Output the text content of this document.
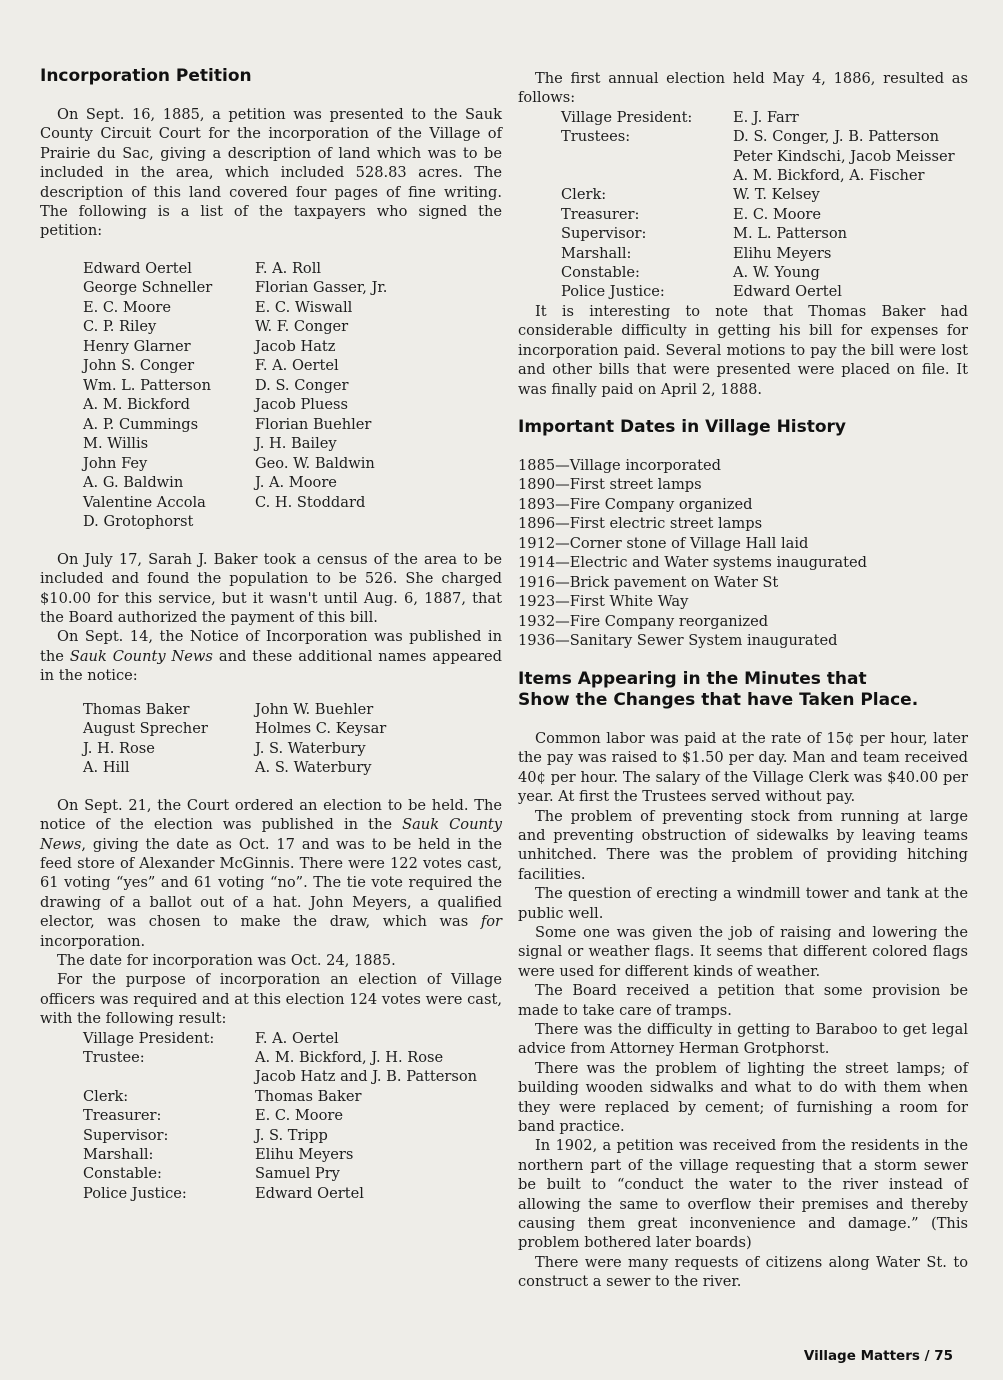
Incorporation Petition

On Sept. 16, 1885, a petition was presented to the Sauk County Circuit Court for the incorporation of the Village of Prairie du Sac, giving a description of land which was to be included in the area, which included 528.83 acres. The description of this land covered four pages of fine writing. The following is a list of the taxpayers who signed the petition:

Edward Oertel	F. A. Roll
George Schneller	Florian Gasser, Jr.
E. C. Moore	E. C. Wiswall
C. P. Riley	W. F. Conger
Henry Glarner	Jacob Hatz
John S. Conger	F. A. Oertel
Wm. L. Patterson	D. S. Conger
A. M. Bickford	Jacob Pluess
A. P. Cummings	Florian Buehler
M. Willis	J. H. Bailey
John Fey	Geo. W. Baldwin
A. G. Baldwin	J. A. Moore
Valentine Accola	C. H. Stoddard
D. Grotophorst

On July 17, Sarah J. Baker took a census of the area to be included and found the population to be 526. She charged $10.00 for this service, but it wasn't until Aug. 6, 1887, that the Board authorized the payment of this bill.

On Sept. 14, the Notice of Incorporation was published in the Sauk County News and these additional names appeared in the notice:

Thomas Baker	John W. Buehler
August Sprecher	Holmes C. Keysar
J. H. Rose	J. S. Waterbury
A. Hill	A. S. Waterbury

On Sept. 21, the Court ordered an election to be held. The notice of the election was published in the Sauk County News, giving the date as Oct. 17 and was to be held in the feed store of Alexander McGinnis. There were 122 votes cast, 61 voting “yes” and 61 voting “no”. The tie vote required the drawing of a ballot out of a hat. John Meyers, a qualified elector, was chosen to make the draw, which was for incorporation.

The date for incorporation was Oct. 24, 1885.

For the purpose of incorporation an election of Village officers was required and at this election 124 votes were cast, with the following result:

Village President:	F. A. Oertel
Trustee:	A. M. Bickford, J. H. Rose
Jacob Hatz and J. B. Patterson
Clerk:	Thomas Baker
Treasurer:	E. C. Moore
Supervisor:	J. S. Tripp
Marshall:	Elihu Meyers
Constable:	Samuel Pry
Police Justice:	Edward Oertel

The first annual election held May 4, 1886, resulted as follows:

Village President:	E. J. Farr
Trustees:	D. S. Conger, J. B. Patterson
Peter Kindschi, Jacob Meisser
A. M. Bickford, A. Fischer
Clerk:	W. T. Kelsey
Treasurer:	E. C. Moore
Supervisor:	M. L. Patterson
Marshall:	Elihu Meyers
Constable:	A. W. Young
Police Justice:	Edward Oertel

It is interesting to note that Thomas Baker had considerable difficulty in getting his bill for expenses for incorporation paid. Several motions to pay the bill were lost and other bills that were presented were placed on file. It was finally paid on April 2, 1888.

Important Dates in Village History
1885—Village incorporated
1890—First street lamps
1893—Fire Company organized
1896—First electric street lamps
1912—Corner stone of Village Hall laid
1914—Electric and Water systems inaugurated
1916—Brick pavement on Water St
1923—First White Way
1932—Fire Company reorganized
1936—Sanitary Sewer System inaugurated
Items Appearing in the Minutes that
Show the Changes that have Taken Place.

Common labor was paid at the rate of 15¢ per hour, later the pay was raised to $1.50 per day. Man and team received 40¢ per hour. The salary of the Village Clerk was $40.00 per year. At first the Trustees served without pay.

The problem of preventing stock from running at large and preventing obstruction of sidewalks by leaving teams unhitched. There was the problem of providing hitching facilities.

The question of erecting a windmill tower and tank at the public well.

Some one was given the job of raising and lowering the signal or weather flags. It seems that different colored flags were used for different kinds of weather.

The Board received a petition that some provision be made to take care of tramps.

There was the difficulty in getting to Baraboo to get legal advice from Attorney Herman Grotphorst.

There was the problem of lighting the street lamps; of building wooden sidwalks and what to do with them when they were replaced by cement; of furnishing a room for band practice.

In 1902, a petition was received from the residents in the northern part of the village requesting that a storm sewer be built to “conduct the water to the river instead of allowing the same to overflow their premises and thereby causing them great inconvenience and damage.” (This problem bothered later boards)

There were many requests of citizens along Water St. to construct a sewer to the river.

Village Matters / 75
